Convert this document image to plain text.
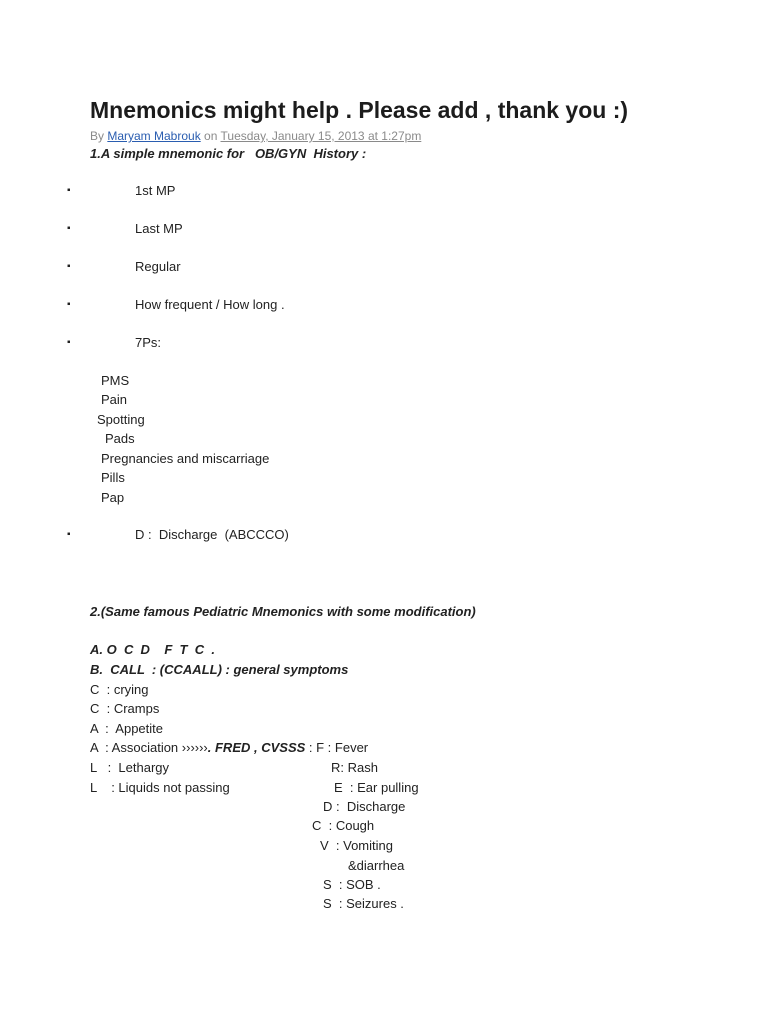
Mnemonics might help . Please add , thank you :)
By Maryam Mabrouk on Tuesday, January 15, 2013 at 1:27pm
1.A simple mnemonic for   OB/GYN  History :
▪	1st MP
▪	Last MP
▪	Regular
▪	How frequent / How long .
▪	7Ps:
PMS
Pain
Spotting
Pads
Pregnancies and miscarriage
Pills
Pap
▪	D :  Discharge  (ABCCCO)
2.(Same famous Pediatric Mnemonics with some modification)
A. O  C  D    F  T  C  .
B.  CALL  : (CCAALL) : general symptoms
C  : crying
C  : Cramps
A  :  Appetite
A  : Association ››››››. FRED , CVSSS : F : Fever
L   :  Lethargy
L    : Liquids not passing
R: Rash
E  : Ear pulling
D :  Discharge
C  : Cough
V  : Vomiting
&diarrhea
S  : SOB .
S  : Seizures .
